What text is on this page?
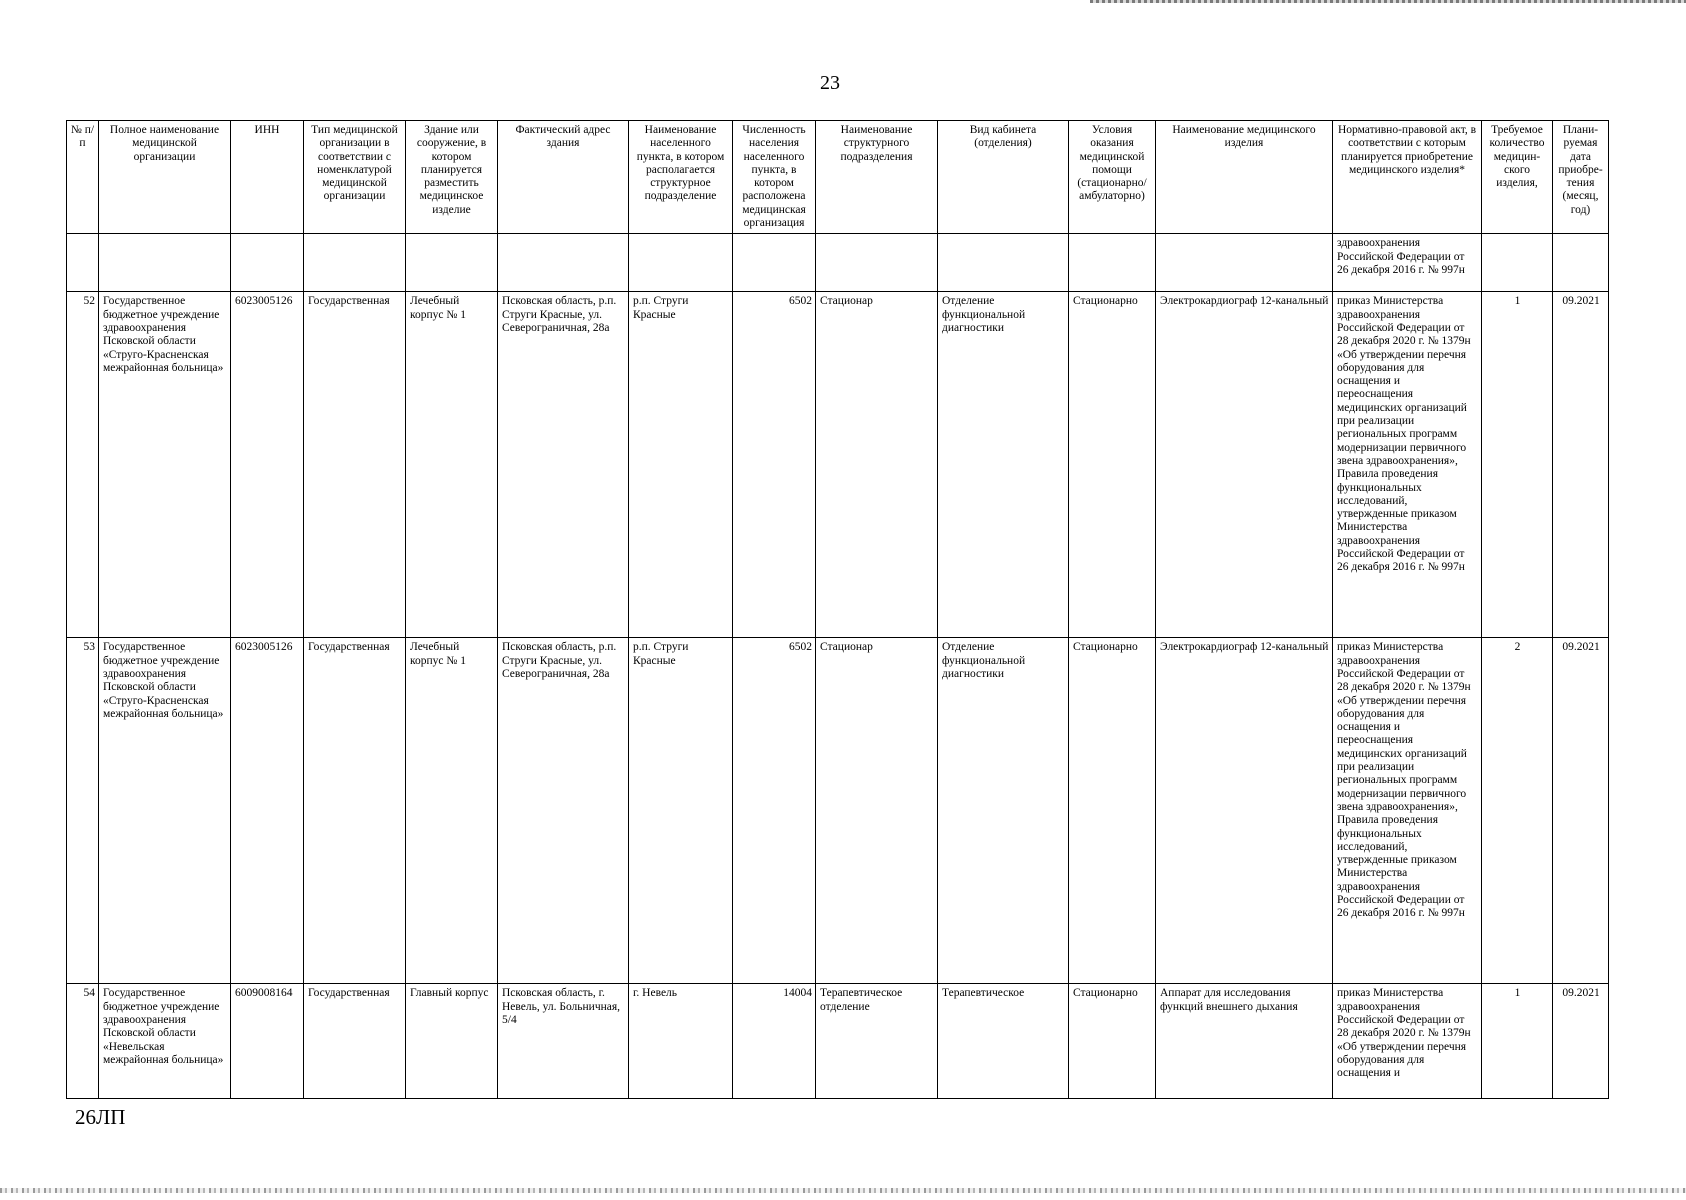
23
№ п/п	Полное наименование медицинской организации	ИНН	Тип медицинской организации в соответствии с номенклатурой медицинской организации	Здание или сооружение, в котором планируется разместить медицинское изделие	Фактический адрес здания	Наименование населенного пункта, в котором располагается структурное подразделение	Численность населения населенного пункта, в котором расположена медицинская организация	Наименование структурного подразделения	Вид кабинета (отделения)	Условия оказания медицинской помощи (стационарно/ амбулаторно)	Наименование медицинского изделия	Нормативно-правовой акт, в соответствии с которым планируется приобретение медицинского изделия*	Требуемое количество медицин-ского изделия,	Плани-руемая дата приобре-тения (месяц, год)
												здравоохранения Российской Федерации от 26 декабря 2016 г. № 997н		
52	Государственное бюджетное учреждение здравоохранения Псковской области «Струго-Красненская межрайонная больница»	6023005126	Государственная	Лечебный корпус № 1	Псковская область, р.п. Струги Красные, ул. Северограничная, 28а	р.п. Струги Красные	6502	Стационар	Отделение функциональной диагностики	Стационарно	Электрокардиограф 12-канальный	приказ Министерства здравоохранения Российской Федерации от 28 декабря 2020 г. № 1379н «Об утверждении перечня оборудования для оснащения и переоснащения медицинских организаций при реализации региональных программ модернизации первичного звена здравоохранения», Правила проведения функциональных исследований, утвержденные приказом Министерства здравоохранения Российской Федерации от 26 декабря 2016 г. № 997н	1	09.2021
53	Государственное бюджетное учреждение здравоохранения Псковской области «Струго-Красненская межрайонная больница»	6023005126	Государственная	Лечебный корпус № 1	Псковская область, р.п. Струги Красные, ул. Северограничная, 28а	р.п. Струги Красные	6502	Стационар	Отделение функциональной диагностики	Стационарно	Электрокардиограф 12-канальный	приказ Министерства здравоохранения Российской Федерации от 28 декабря 2020 г. № 1379н «Об утверждении перечня оборудования для оснащения и переоснащения медицинских организаций при реализации региональных программ модернизации первичного звена здравоохранения», Правила проведения функциональных исследований, утвержденные приказом Министерства здравоохранения Российской Федерации от 26 декабря 2016 г. № 997н	2	09.2021
54	Государственное бюджетное учреждение здравоохранения Псковской области «Невельская межрайонная больница»	6009008164	Государственная	Главный корпус	Псковская область, г. Невель, ул. Больничная, 5/4	г. Невель	14004	Терапевтическое отделение	Терапевтическое	Стационарно	Аппарат для исследования функций внешнего дыхания	приказ Министерства здравоохранения Российской Федерации от 28 декабря 2020 г. № 1379н «Об утверждении перечня оборудования для оснащения и	1	09.2021
26ЛП
